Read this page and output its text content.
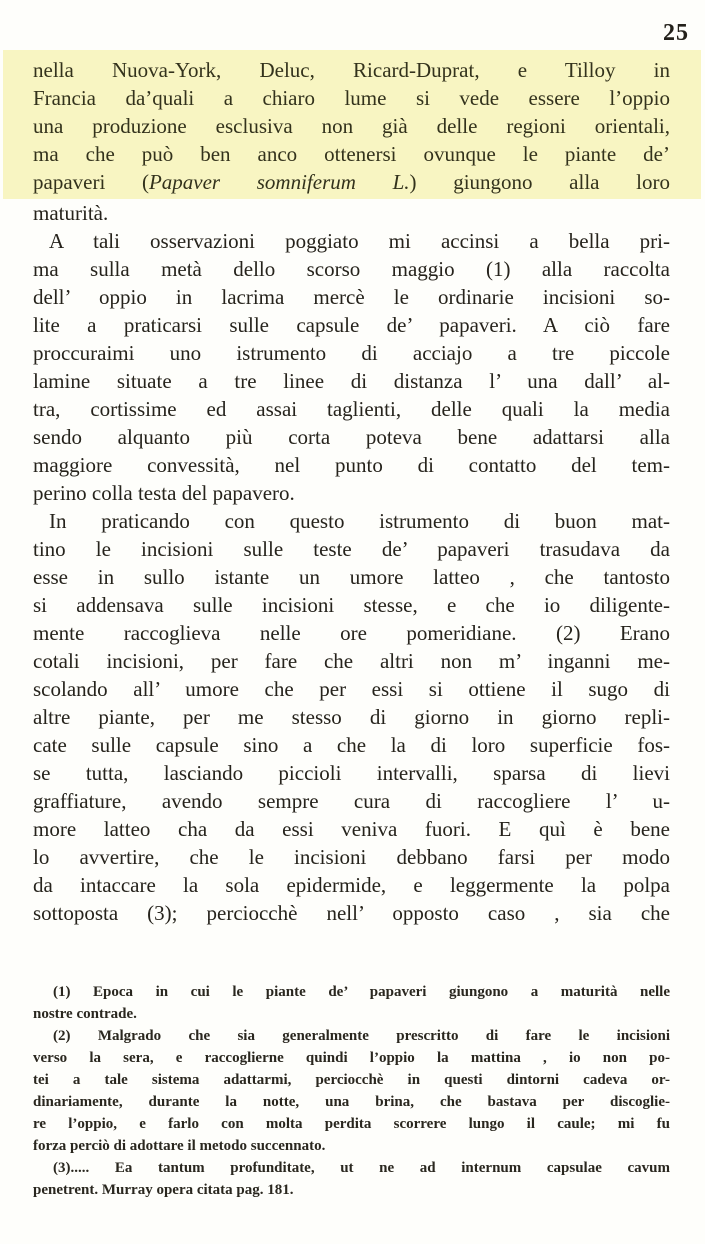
25
nella Nuova-York, Deluc, Ricard-Duprat, e Tilloy in
Francia da’quali a chiaro lume si vede essere l’oppio
una produzione esclusiva non già delle regioni orientali,
ma che può ben anco ottenersi ovunque le piante de’
papaveri (Papaver somniferum L.) giungono alla loro
maturità.
A tali osservazioni poggiato mi accinsi a bella pri-
ma sulla metà dello scorso maggio (1) alla raccolta
dell’ oppio in lacrima mercè le ordinarie incisioni so-
lite a praticarsi sulle capsule de’ papaveri. A ciò fare
proccuraimi uno istrumento di acciajo a tre piccole
lamine situate a tre linee di distanza l’ una dall’ al-
tra, cortissime ed assai taglienti, delle quali la media
sendo alquanto più corta poteva bene adattarsi alla
maggiore convessità, nel punto di contatto del tem-
perino colla testa del papavero.
In praticando con questo istrumento di buon mat-
tino le incisioni sulle teste de’ papaveri trasudava da
esse in sullo istante un umore latteo , che tantosto
si addensava sulle incisioni stesse, e che io diligente-
mente raccoglieva nelle ore pomeridiane. (2) Erano
cotali incisioni, per fare che altri non m’ inganni me-
scolando all’ umore che per essi si ottiene il sugo di
altre piante, per me stesso di giorno in giorno repli-
cate sulle capsule sino a che la di loro superficie fos-
se tutta, lasciando piccioli intervalli, sparsa di lievi
graffiature, avendo sempre cura di raccogliere l’ u-
more latteo cha da essi veniva fuori. E quì è bene
lo avvertire, che le incisioni debbano farsi per modo
da intaccare la sola epidermide, e leggermente la polpa
sottoposta (3); perciocchè nell’ opposto caso , sia che
(1) Epoca in cui le piante de’ papaveri giungono a maturità nelle
nostre contrade.
(2) Malgrado che sia generalmente prescritto di fare le incisioni
verso la sera, e raccoglierne quindi l’oppio la mattina , io non po-
tei a tale sistema adattarmi, perciocchè in questi dintorni cadeva or-
dinariamente, durante la notte, una brina, che bastava per discoglie-
re l’oppio, e farlo con molta perdita scorrere lungo il caule; mi fu
forza perciò di adottare il metodo succennato.
(3)..... Ea tantum profunditate, ut ne ad internum capsulae cavum
penetrent. Murray opera citata pag. 181.
